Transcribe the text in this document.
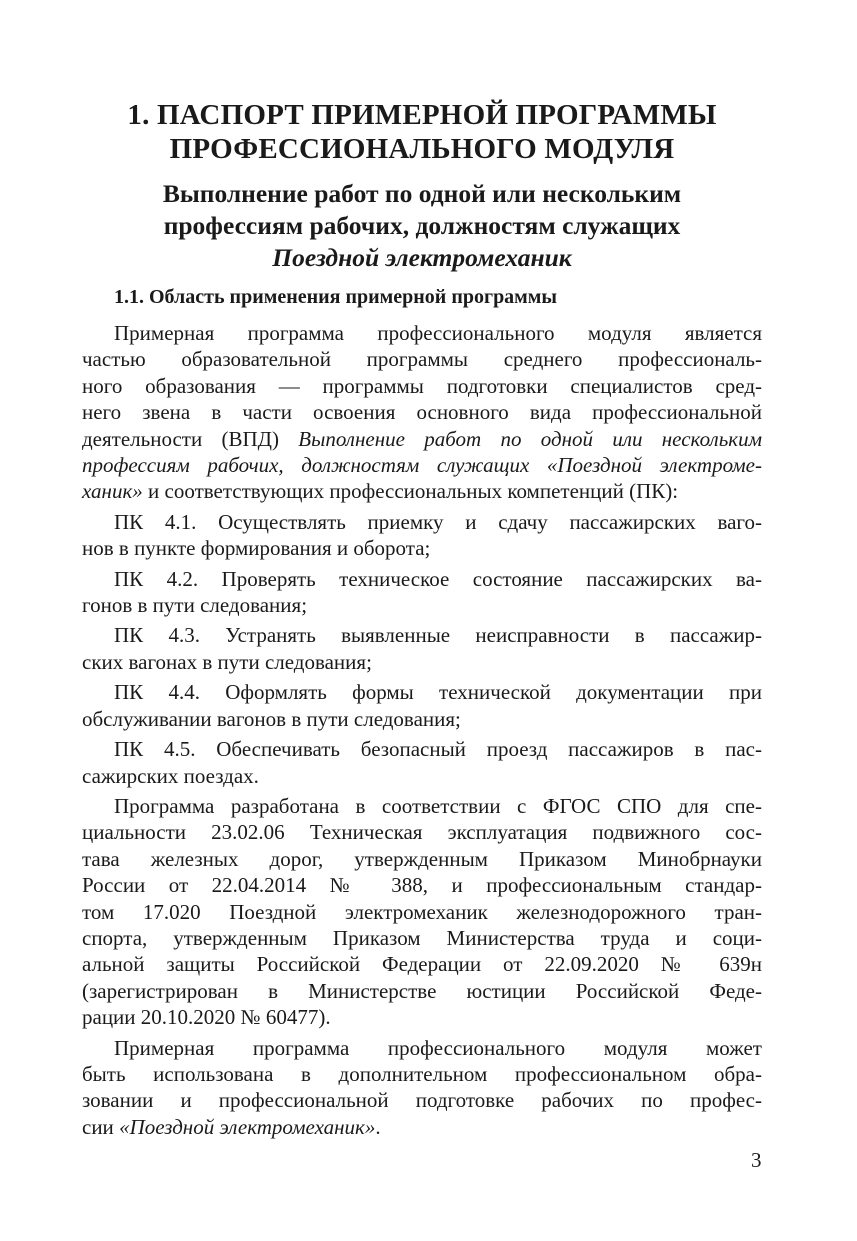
1. ПАСПОРТ ПРИМЕРНОЙ ПРОГРАММЫ
ПРОФЕССИОНАЛЬНОГО МОДУЛЯ
Выполнение работ по одной или нескольким
профессиям рабочих, должностям служащих
Поездной электромеханик
1.1. Область применения примерной программы
Примерная программа профессионального модуля является
частью образовательной программы среднего профессиональ-
ного образования — программы подготовки специалистов сред-
него звена в части освоения основного вида профессиональной
деятельности (ВПД) Выполнение работ по одной или нескольким
профессиям рабочих, должностям служащих «Поездной электроме-
ханик» и соответствующих профессиональных компетенций (ПК):
ПК 4.1. Осуществлять приемку и сдачу пассажирских ваго-
нов в пункте формирования и оборота;
ПК 4.2. Проверять техническое состояние пассажирских ва-
гонов в пути следования;
ПК 4.3. Устранять выявленные неисправности в пассажир-
ских вагонах в пути следования;
ПК 4.4. Оформлять формы технической документации при
обслуживании вагонов в пути следования;
ПК 4.5. Обеспечивать безопасный проезд пассажиров в пас-
сажирских поездах.
Программа разработана в соответствии с ФГОС СПО для спе-
циальности 23.02.06 Техническая эксплуатация подвижного сос-
тава железных дорог, утвержденным Приказом Минобрнауки
России от 22.04.2014 № 388, и профессиональным стандар-
том 17.020 Поездной электромеханик железнодорожного тран-
спорта, утвержденным Приказом Министерства труда и соци-
альной защиты Российской Федерации от 22.09.2020 № 639н
(зарегистрирован в Министерстве юстиции Российской Феде-
рации 20.10.2020 № 60477).
Примерная программа профессионального модуля может
быть использована в дополнительном профессиональном обра-
зовании и профессиональной подготовке рабочих по профес-
сии «Поездной электромеханик».
3
